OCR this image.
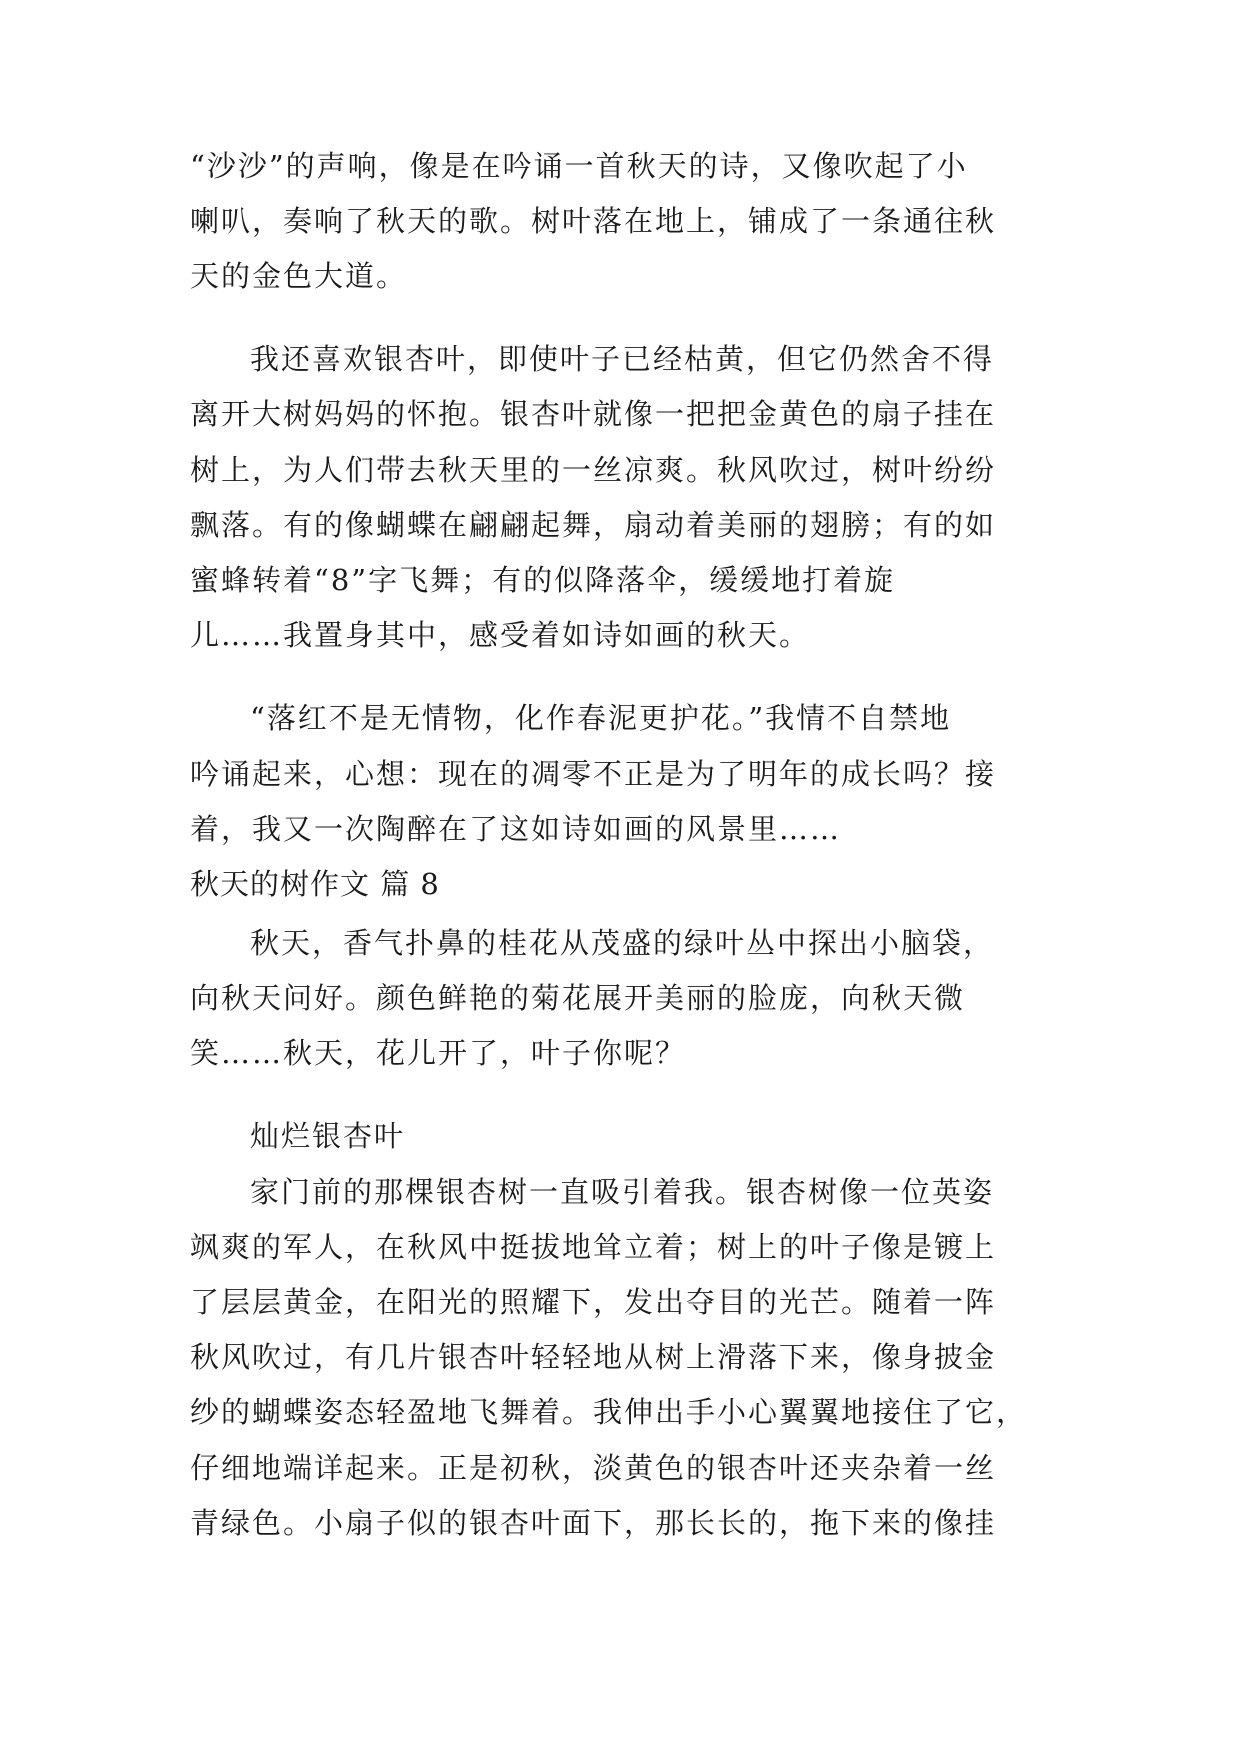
“沙沙”的声响，像是在吟诵一首秋天的诗，又像吹起了小
喇叭，奏响了秋天的歌。树叶落在地上，铺成了一条通往秋
天的金色大道。
我还喜欢银杏叶，即使叶子已经枯黄，但它仍然舍不得
离开大树妈妈的怀抱。银杏叶就像一把把金黄色的扇子挂在
树上，为人们带去秋天里的一丝凉爽。秋风吹过，树叶纷纷
飘落。有的像蝴蝶在翩翩起舞，扇动着美丽的翅膀；有的如
蜜蜂转着“8”字飞舞；有的似降落伞，缓缓地打着旋
儿……我置身其中，感受着如诗如画的秋天。
“落红不是无情物，化作春泥更护花。”我情不自禁地
吟诵起来，心想：现在的凋零不正是为了明年的成长吗？接
着，我又一次陶醉在了这如诗如画的风景里……
秋天的树作文 篇 8
秋天，香气扑鼻的桂花从茂盛的绿叶丛中探出小脑袋，
向秋天问好。颜色鲜艳的菊花展开美丽的脸庞，向秋天微
笑……秋天，花儿开了，叶子你呢？
灿烂银杏叶
家门前的那棵银杏树一直吸引着我。银杏树像一位英姿
飒爽的军人，在秋风中挺拔地耸立着；树上的叶子像是镀上
了层层黄金，在阳光的照耀下，发出夺目的光芒。随着一阵
秋风吹过，有几片银杏叶轻轻地从树上滑落下来，像身披金
纱的蝴蝶姿态轻盈地飞舞着。我伸出手小心翼翼地接住了它，
仔细地端详起来。正是初秋，淡黄色的银杏叶还夹杂着一丝
青绿色。小扇子似的银杏叶面下，那长长的，拖下来的像挂
